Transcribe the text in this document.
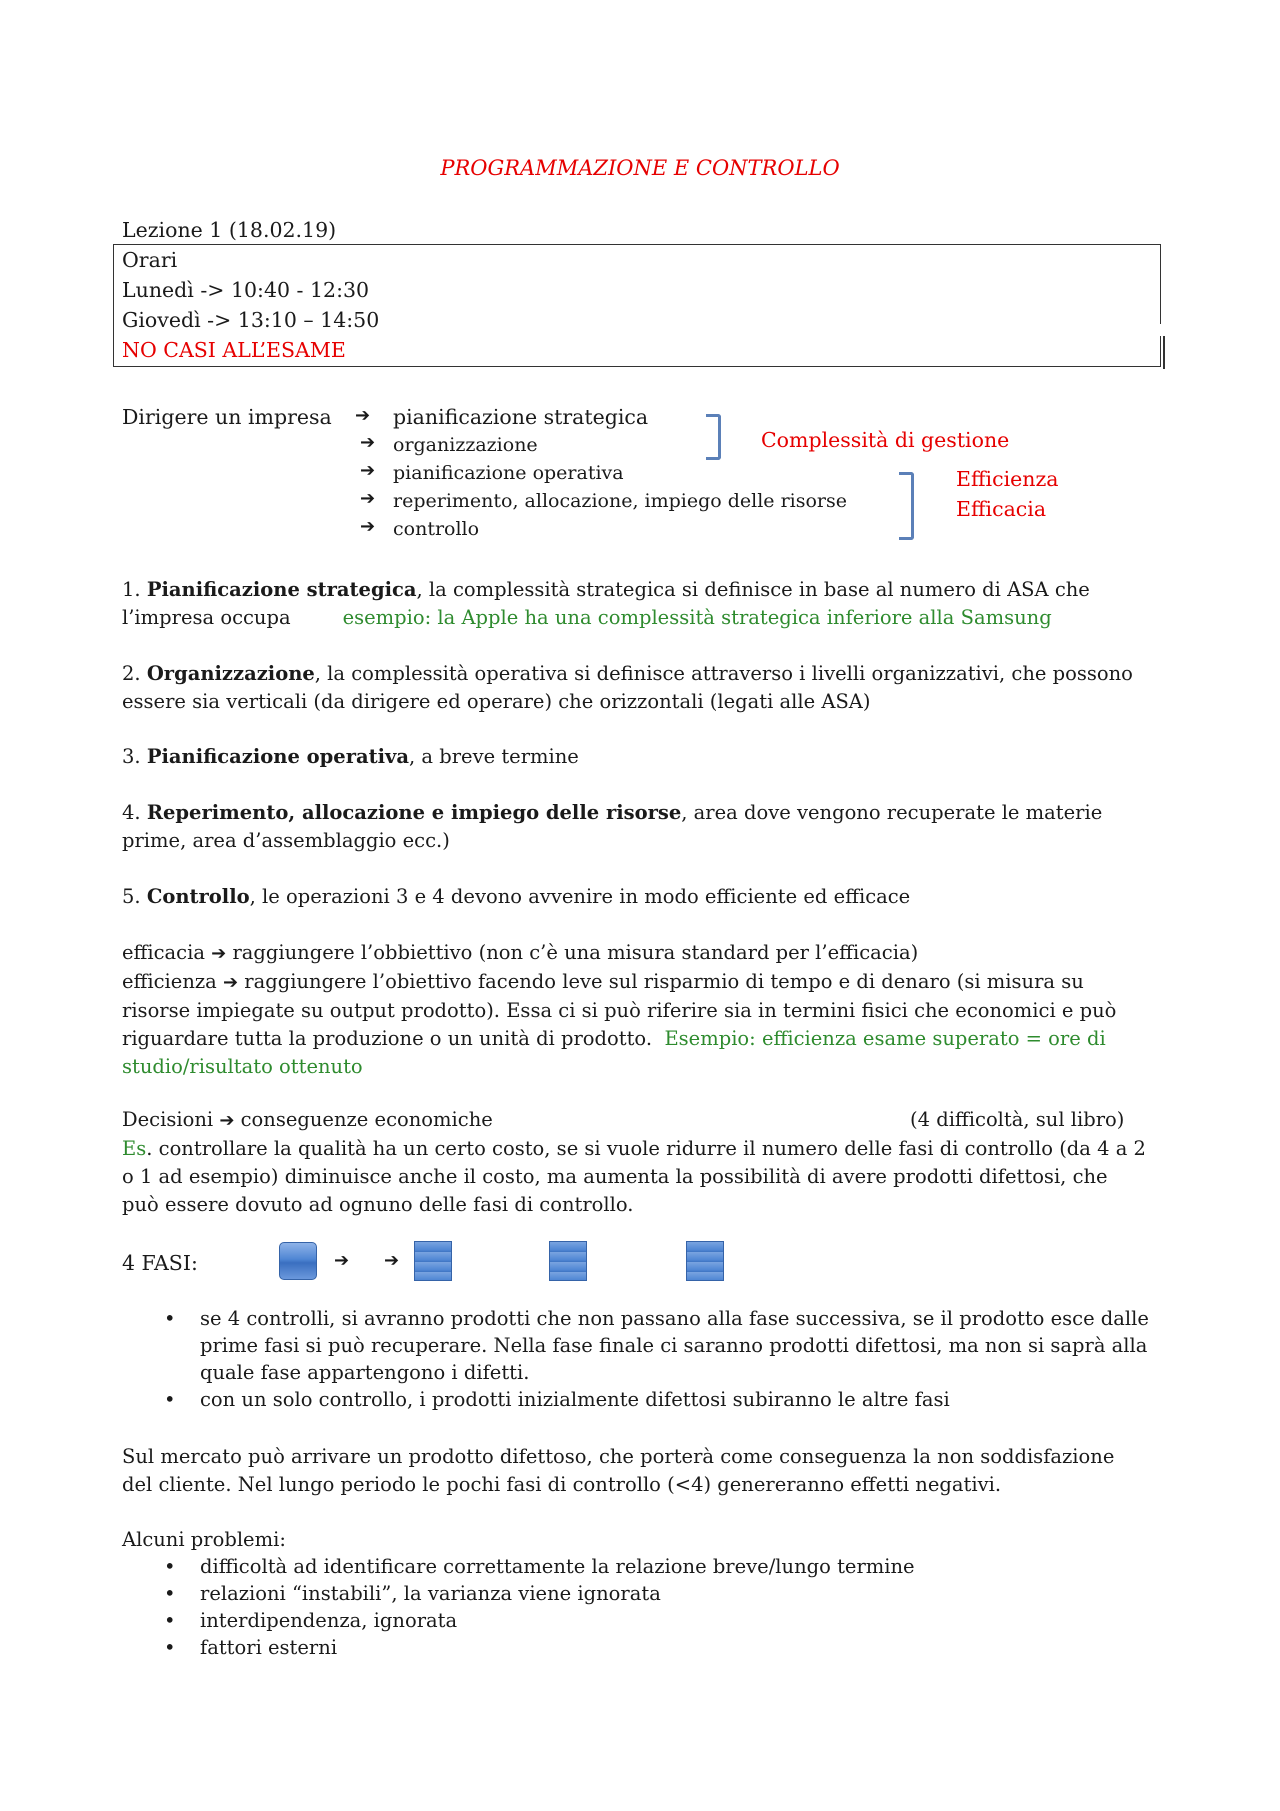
PROGRAMMAZIONE E CONTROLLO
Lezione 1 (18.02.19)
Orari
Lunedì -> 10:40 - 12:30
Giovedì -> 13:10 – 14:50
NO CASI ALL’ESAME
Dirigere un impresa ➔ pianificazione strategica
➔ organizzazione
➔ pianificazione operativa
➔ reperimento, allocazione, impiego delle risorse
➔ controllo
Complessità di gestione
Efficienza
Efficacia
1. Pianificazione strategica, la complessità strategica si definisce in base al numero di ASA che
l’impresa occupa	esempio: la Apple ha una complessità strategica inferiore alla Samsung
2. Organizzazione, la complessità operativa si definisce attraverso i livelli organizzativi, che possono
essere sia verticali (da dirigere ed operare) che orizzontali (legati alle ASA)
3. Pianificazione operativa, a breve termine
4. Reperimento, allocazione e impiego delle risorse, area dove vengono recuperate le materie
prime, area d’assemblaggio ecc.)
5. Controllo, le operazioni 3 e 4 devono avvenire in modo efficiente ed efficace
efficacia ➔ raggiungere l’obbiettivo (non c’è una misura standard per l’efficacia)
efficienza ➔ raggiungere l’obiettivo facendo leve sul risparmio di tempo e di denaro (si misura su
risorse impiegate su output prodotto). Essa ci si può riferire sia in termini fisici che economici e può
riguardare tutta la produzione o un unità di prodotto. Esempio: efficienza esame superato = ore di
studio/risultato ottenuto
Decisioni ➔ conseguenze economiche	(4 difficoltà, sul libro)
Es. controllare la qualità ha un certo costo, se si vuole ridurre il numero delle fasi di controllo (da 4 a 2
o 1 ad esempio) diminuisce anche il costo, ma aumenta la possibilità di avere prodotti difettosi, che
può essere dovuto ad ognuno delle fasi di controllo.
4 FASI:	➔ ➔
• se 4 controlli, si avranno prodotti che non passano alla fase successiva, se il prodotto esce dalle
prime fasi si può recuperare. Nella fase finale ci saranno prodotti difettosi, ma non si saprà alla
quale fase appartengono i difetti.
• con un solo controllo, i prodotti inizialmente difettosi subiranno le altre fasi
Sul mercato può arrivare un prodotto difettoso, che porterà come conseguenza la non soddisfazione
del cliente. Nel lungo periodo le pochi fasi di controllo (<4) genereranno effetti negativi.
Alcuni problemi:
• difficoltà ad identificare correttamente la relazione breve/lungo termine
• relazioni “instabili”, la varianza viene ignorata
• interdipendenza, ignorata
• fattori esterni
